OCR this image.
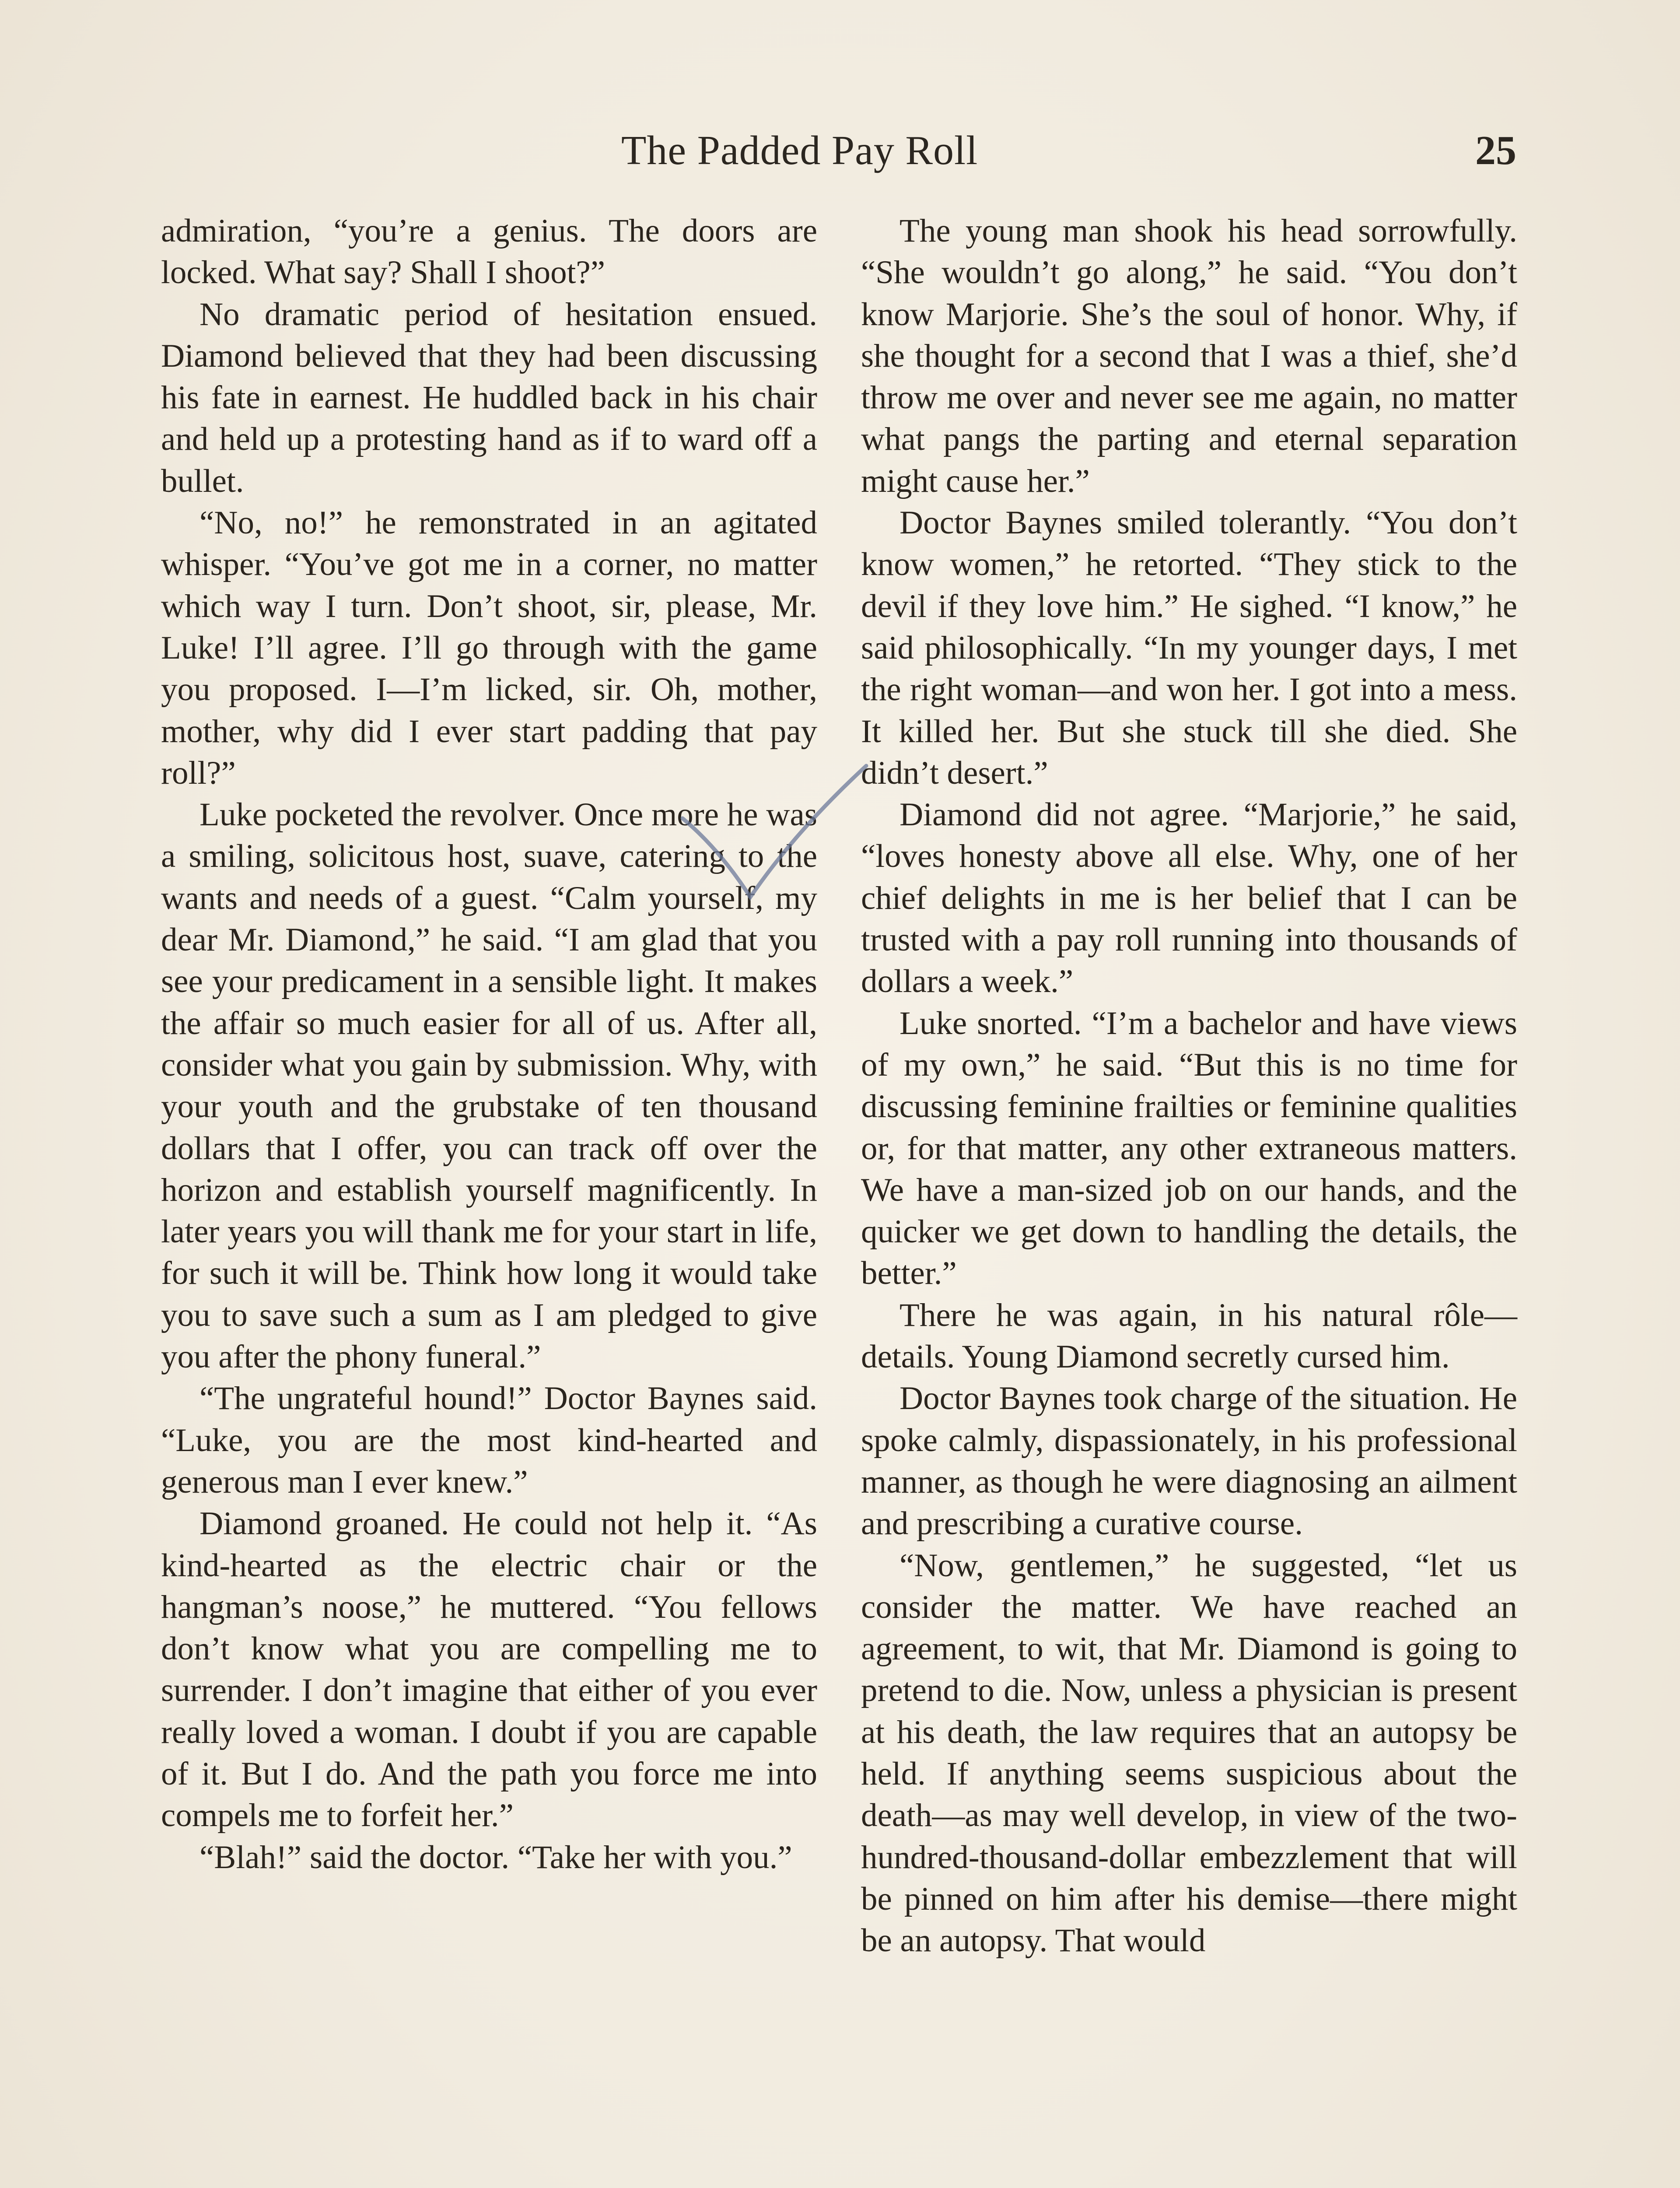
The Padded Pay Roll	25

admiration, “you’re a genius. The doors are locked. What say? Shall I shoot?”

No dramatic period of hesitation ensued. Diamond believed that they had been discussing his fate in earnest. He huddled back in his chair and held up a protesting hand as if to ward off a bullet.

“No, no!” he remonstrated in an agitated whisper. “You’ve got me in a corner, no matter which way I turn. Don’t shoot, sir, please, Mr. Luke! I’ll agree. I’ll go through with the game you proposed. I—I’m licked, sir. Oh, mother, mother, why did I ever start padding that pay roll?”

Luke pocketed the revolver. Once more he was a smiling, solicitous host, suave, catering to the wants and needs of a guest. “Calm yourself, my dear Mr. Diamond,” he said. “I am glad that you see your predicament in a sensible light. It makes the affair so much easier for all of us. After all, consider what you gain by submission. Why, with your youth and the grubstake of ten thousand dollars that I offer, you can track off over the horizon and establish yourself magnificently. In later years you will thank me for your start in life, for such it will be. Think how long it would take you to save such a sum as I am pledged to give you after the phony funeral.”

“The ungrateful hound!” Doctor Baynes said. “Luke, you are the most kind-hearted and generous man I ever knew.”

Diamond groaned. He could not help it. “As kind-hearted as the electric chair or the hangman’s noose,” he muttered. “You fellows don’t know what you are compelling me to surrender. I don’t imagine that either of you ever really loved a woman. I doubt if you are capable of it. But I do. And the path you force me into compels me to forfeit her.”

“Blah!” said the doctor. “Take her with you.”

The young man shook his head sorrowfully. “She wouldn’t go along,” he said. “You don’t know Marjorie. She’s the soul of honor. Why, if she thought for a second that I was a thief, she’d throw me over and never see me again, no matter what pangs the parting and eternal separation might cause her.”

Doctor Baynes smiled tolerantly. “You don’t know women,” he retorted. “They stick to the devil if they love him.” He sighed. “I know,” he said philosophically. “In my younger days, I met the right woman—and won her. I got into a mess. It killed her. But she stuck till she died. She didn’t desert.”

Diamond did not agree. “Marjorie,” he said, “loves honesty above all else. Why, one of her chief delights in me is her belief that I can be trusted with a pay roll running into thousands of dollars a week.”

Luke snorted. “I’m a bachelor and have views of my own,” he said. “But this is no time for discussing feminine frailties or feminine qualities or, for that matter, any other extraneous matters. We have a man-sized job on our hands, and the quicker we get down to handling the details, the better.”

There he was again, in his natural rôle—details. Young Diamond secretly cursed him.

Doctor Baynes took charge of the situation. He spoke calmly, dispassionately, in his professional manner, as though he were diagnosing an ailment and prescribing a curative course.

“Now, gentlemen,” he suggested, “let us consider the matter. We have reached an agreement, to wit, that Mr. Diamond is going to pretend to die. Now, unless a physician is present at his death, the law requires that an autopsy be held. If anything seems suspicious about the death—as may well develop, in view of the two-hundred-thousand-dollar embezzlement that will be pinned on him after his demise—there might be an autopsy. That would
